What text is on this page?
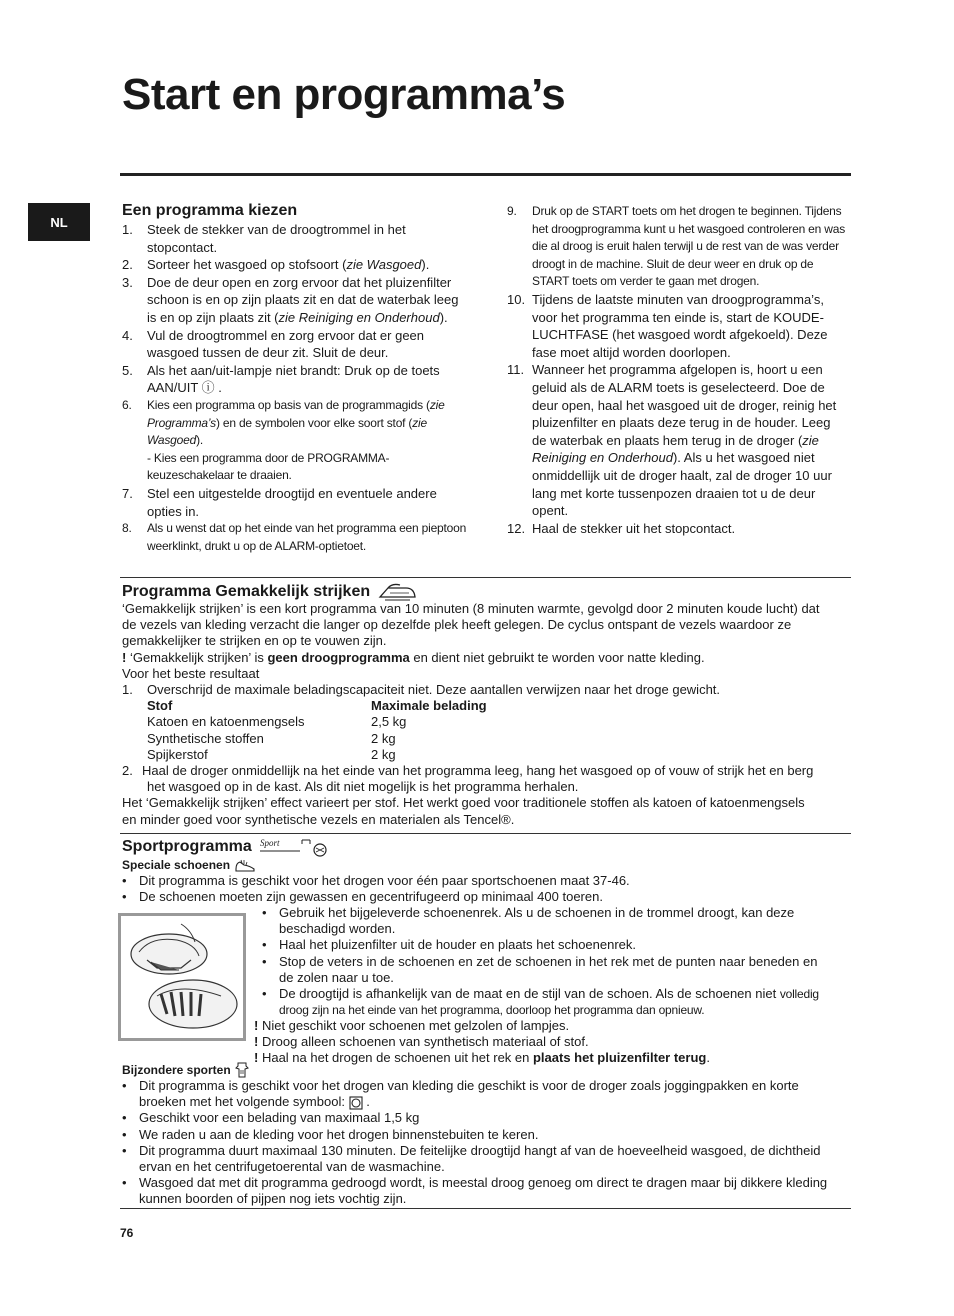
Start en programma’s
NL
Een programma kiezen
1. Steek de stekker van de droogtrommel in het stopcontact.
2. Sorteer het wasgoed op stofsoort (zie Wasgoed).
3. Doe de deur open en zorg ervoor dat het pluizenfilter schoon is en op zijn plaats zit en dat de waterbak leeg is en op zijn plaats zit (zie Reiniging en Onderhoud).
4. Vul de droogtrommel en zorg ervoor dat er geen wasgoed tussen de deur zit. Sluit de deur.
5. Als het aan/uit-lampje niet brandt: Druk op de toets AAN/UIT ⓘ .
6. Kies een programma op basis van de programmagids (zie Programma’s) en de symbolen voor elke soort stof (zie Wasgoed).
- Kies een programma door de PROGRAMMA-keuzeschakelaar te draaien.
7. Stel een uitgestelde droogtijd en eventuele andere opties in.
8. Als u wenst dat op het einde van het programma een pieptoon weerklinkt, drukt u op de ALARM-optietoet.
9. Druk op de START toets om het drogen te beginnen. Tijdens het droogprogramma kunt u het wasgoed controleren en was die al droog is eruit halen terwijl u de rest van de was verder droogt in de machine. Sluit de deur weer en druk op de START toets om verder te gaan met drogen.
10. Tijdens de laatste minuten van droogprogramma’s, voor het programma ten einde is, start de KOUDE- LUCHTFASE (het wasgoed wordt afgekoeld). Deze fase moet altijd worden doorlopen.
11. Wanneer het programma afgelopen is, hoort u een geluid als de ALARM toets is geselecteerd. Doe de deur open, haal het wasgoed uit de droger, reinig het pluizenfilter en plaats deze terug in de houder. Leeg de waterbak en plaats hem terug in de droger (zie Reiniging en Onderhoud). Als u het wasgoed niet onmiddellijk uit de droger haalt, zal de droger 10 uur lang met korte tussenpozen draaien tot u de deur opent.
12. Haal de stekker uit het stopcontact.
Programma Gemakkelijk strijken
‘Gemakkelijk strijken’ is een kort programma van 10 minuten (8 minuten warmte, gevolgd door 2 minuten koude lucht) dat de vezels van kleding verzacht die langer op dezelfde plek heeft gelegen. De cyclus ontspant de vezels waardoor ze gemakkelijker te strijken en op te vouwen zijn.
! ‘Gemakkelijk strijken’ is geen droogprogramma en dient niet gebruikt te worden voor natte kleding.
Voor het beste resultaat
1. Overschrijd de maximale beladingscapaciteit niet. Deze aantallen verwijzen naar het droge gewicht.
Stof	Maximale belading
Katoen en katoenmengsels	2,5 kg
Synthetische stoffen	2 kg
Spijkerstof	2 kg
2. Haal de droger onmiddellijk na het einde van het programma leeg, hang het wasgoed op of vouw of strijk het en berg het wasgoed op in de kast. Als dit niet mogelijk is het programma herhalen.
Het ‘Gemakkelijk strijken’ effect varieert per stof. Het werkt goed voor traditionele stoffen als katoen of katoenmengsels en minder goed voor synthetische vezels en materialen als Tencel®.
Sportprogramma Sport
Speciale schoenen
• Dit programma is geschikt voor het drogen voor één paar sportschoenen maat 37-46.
• De schoenen moeten zijn gewassen en gecentrifugeerd op minimaal 400 toeren.
• Gebruik het bijgeleverde schoenenrek. Als u de schoenen in de trommel droogt, kan deze beschadigd worden.
• Haal het pluizenfilter uit de houder en plaats het schoenenrek.
• Stop de veters in de schoenen en zet de schoenen in het rek met de punten naar beneden en de zolen naar u toe.
• De droogtijd is afhankelijk van de maat en de stijl van de schoen. Als de schoenen niet volledig droog zijn na het einde van het programma, doorloop het programma dan opnieuw.
! Niet geschikt voor schoenen met gelzolen of lampjes.
! Droog alleen schoenen van synthetisch materiaal of stof.
! Haal na het drogen de schoenen uit het rek en plaats het pluizenfilter terug.
Bijzondere sporten
• Dit programma is geschikt voor het drogen van kleding die geschikt is voor de droger zoals joggingpakken en korte broeken met het volgende symbool:  .
• Geschikt voor een belading van maximaal 1,5 kg
• We raden u aan de kleding voor het drogen binnenstebuiten te keren.
• Dit programma duurt maximaal 130 minuten. De feitelijke droogtijd hangt af van de hoeveelheid wasgoed, de dichtheid ervan en het centrifugetoerental van de wasmachine.
• Wasgoed dat met dit programma gedroogd wordt, is meestal droog genoeg om direct te dragen maar bij dikkere kleding kunnen boorden of pijpen nog iets vochtig zijn.
76
